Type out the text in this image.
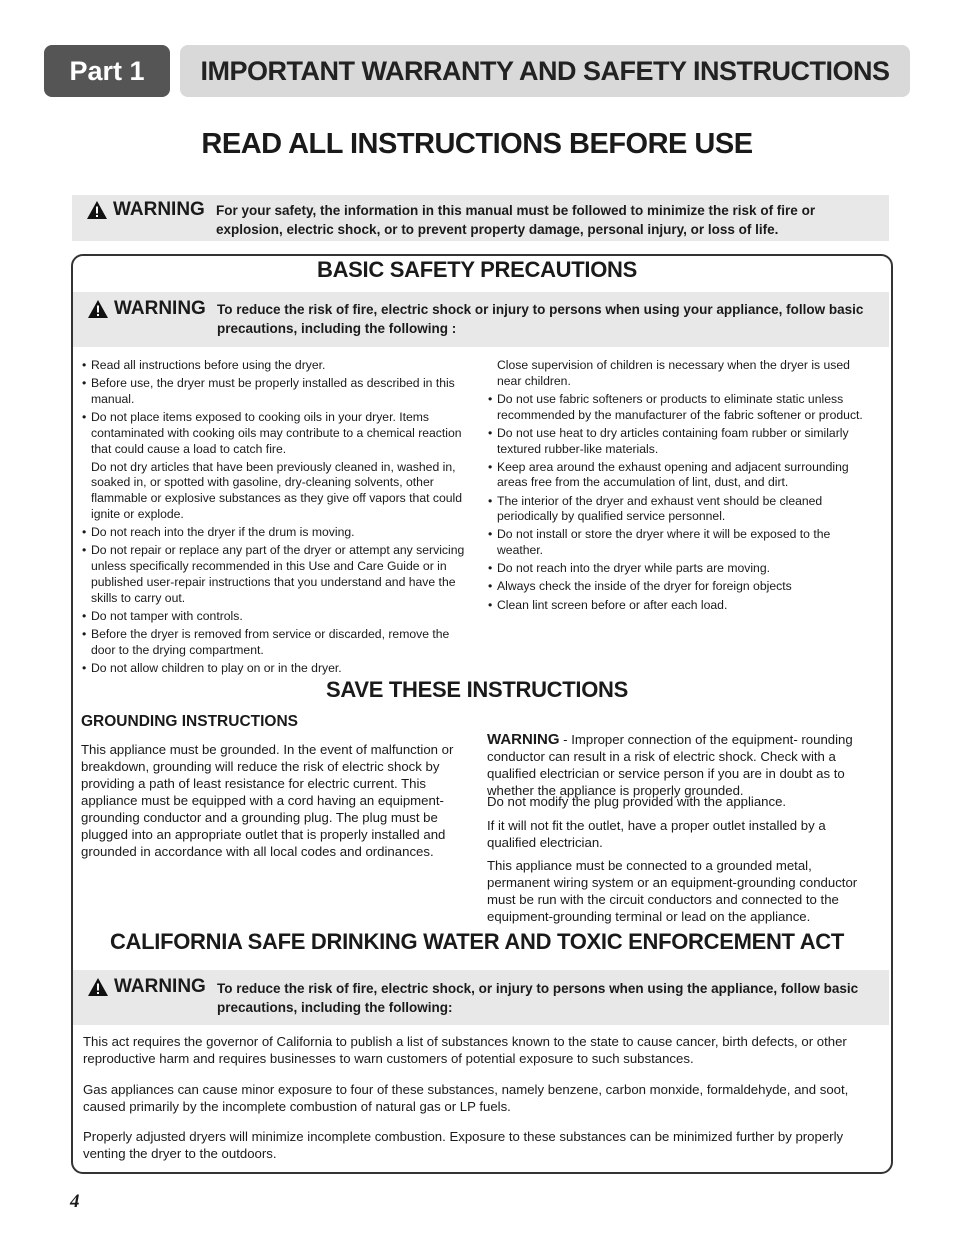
Part 1	IMPORTANT WARRANTY AND SAFETY INSTRUCTIONS
READ ALL INSTRUCTIONS BEFORE USE
WARNING For your safety, the information in this manual must be followed to minimize the risk of fire or
explosion, electric shock, or to prevent property damage, personal injury, or loss of life.
BASIC SAFETY PRECAUTIONS
WARNING To reduce the risk of fire, electric shock or injury to persons when using your appliance, follow basic
precautions, including the following :
• Read all instructions before using the dryer.
• Before use, the dryer must be properly installed as described in this manual.
• Do not place items exposed to cooking oils in your dryer. Items contaminated with cooking oils may contribute to a chemical reaction that could cause a load to catch fire.
Do not dry articles that have been previously cleaned in, washed in, soaked in, or spotted with gasoline, dry-cleaning solvents, other flammable or explosive substances as they give off vapors that could ignite or explode.
• Do not reach into the dryer if the drum is moving.
• Do not repair or replace any part of the dryer or attempt any servicing unless specifically recommended in this Use and Care Guide or in published user-repair instructions that you understand and have the skills to carry out.
• Do not tamper with controls.
• Before the dryer is removed from service or discarded, remove the door to the drying compartment.
• Do not allow children to play on or in the dryer.
Close supervision of children is necessary when the dryer is used near children.
• Do not use fabric softeners or products to eliminate static unless recommended by the manufacturer of the fabric softener or product.
• Do not use heat to dry articles containing foam rubber or similarly textured rubber-like materials.
• Keep area around the exhaust opening and adjacent surrounding areas free from the accumulation of lint, dust, and dirt.
• The interior of the dryer and exhaust vent should be cleaned periodically by qualified service personnel.
• Do not install or store the dryer where it will be exposed to the weather.
• Do not reach into the dryer while parts are moving.
• Always check the inside of the dryer for foreign objects
• Clean lint screen before or after each load.
SAVE THESE INSTRUCTIONS
GROUNDING INSTRUCTIONS
This appliance must be grounded. In the event of malfunction or breakdown, grounding will reduce the risk of electric shock by providing a path of least resistance for electric current. This appliance must be equipped with a cord having an equipment-grounding conductor and a grounding plug. The plug must be plugged into an appropriate outlet that is properly installed and grounded in accordance with all local codes and ordinances.
WARNING - Improper connection of the equipment- rounding conductor can result in a risk of electric shock. Check with a qualified electrician or service person if you are in doubt as to whether the appliance is properly grounded.
Do not modify the plug provided with the appliance.
If it will not fit the outlet, have a proper outlet installed by a qualified electrician.
This appliance must be connected to a grounded metal, permanent wiring system or an equipment-grounding conductor must be run with the circuit conductors and connected to the equipment-grounding terminal or lead on the appliance.
CALIFORNIA SAFE DRINKING WATER AND TOXIC ENFORCEMENT ACT
WARNING To reduce the risk of fire, electric shock, or injury to persons when using the appliance, follow basic
precautions, including the following:
This act requires the governor of California to publish a list of substances known to the state to cause cancer, birth defects, or other reproductive harm and requires businesses to warn customers of potential exposure to such substances.
Gas appliances can cause minor exposure to four of these substances, namely benzene, carbon monxide, formaldehyde, and soot, caused primarily by the incomplete combustion of natural gas or LP fuels.
Properly adjusted dryers will minimize incomplete combustion. Exposure to these substances can be minimized further by properly venting the dryer to the outdoors.
4
